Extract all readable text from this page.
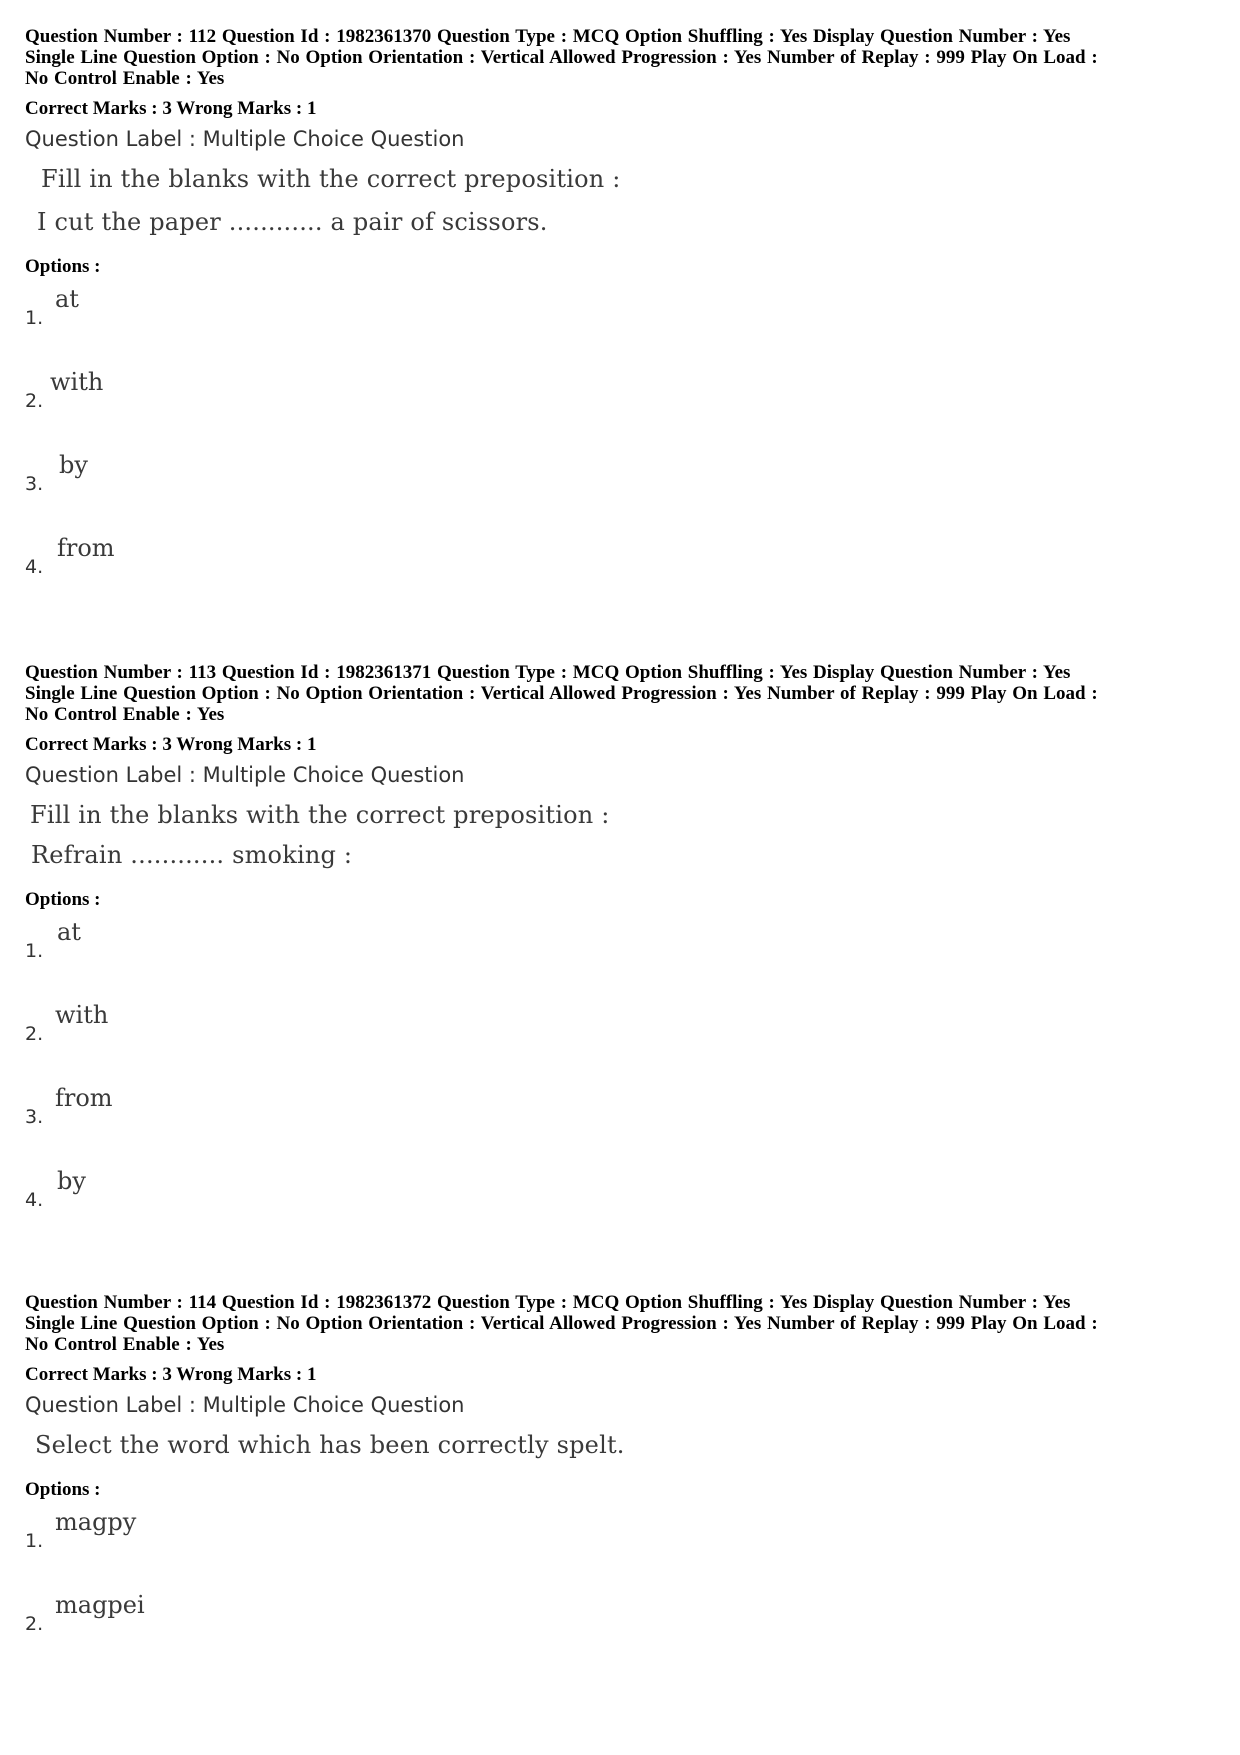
Question Number : 112 Question Id : 1982361370 Question Type : MCQ Option Shuffling : Yes Display Question Number : Yes
Single Line Question Option : No Option Orientation : Vertical Allowed Progression : Yes Number of Replay : 999 Play On Load :
No Control Enable : Yes
Correct Marks : 3 Wrong Marks : 1
Question Label : Multiple Choice Question
Fill in the blanks with the correct preposition :
I cut the paper ............ a pair of scissors.
Options :
1.
at
2.
with
3.
by
4.
from
Question Number : 113 Question Id : 1982361371 Question Type : MCQ Option Shuffling : Yes Display Question Number : Yes
Single Line Question Option : No Option Orientation : Vertical Allowed Progression : Yes Number of Replay : 999 Play On Load :
No Control Enable : Yes
Correct Marks : 3 Wrong Marks : 1
Question Label : Multiple Choice Question
Fill in the blanks with the correct preposition :
Refrain ............ smoking :
Options :
1.
at
2.
with
3.
from
4.
by
Question Number : 114 Question Id : 1982361372 Question Type : MCQ Option Shuffling : Yes Display Question Number : Yes
Single Line Question Option : No Option Orientation : Vertical Allowed Progression : Yes Number of Replay : 999 Play On Load :
No Control Enable : Yes
Correct Marks : 3 Wrong Marks : 1
Question Label : Multiple Choice Question
Select the word which has been correctly spelt.
Options :
1.
magpy
2.
magpei
